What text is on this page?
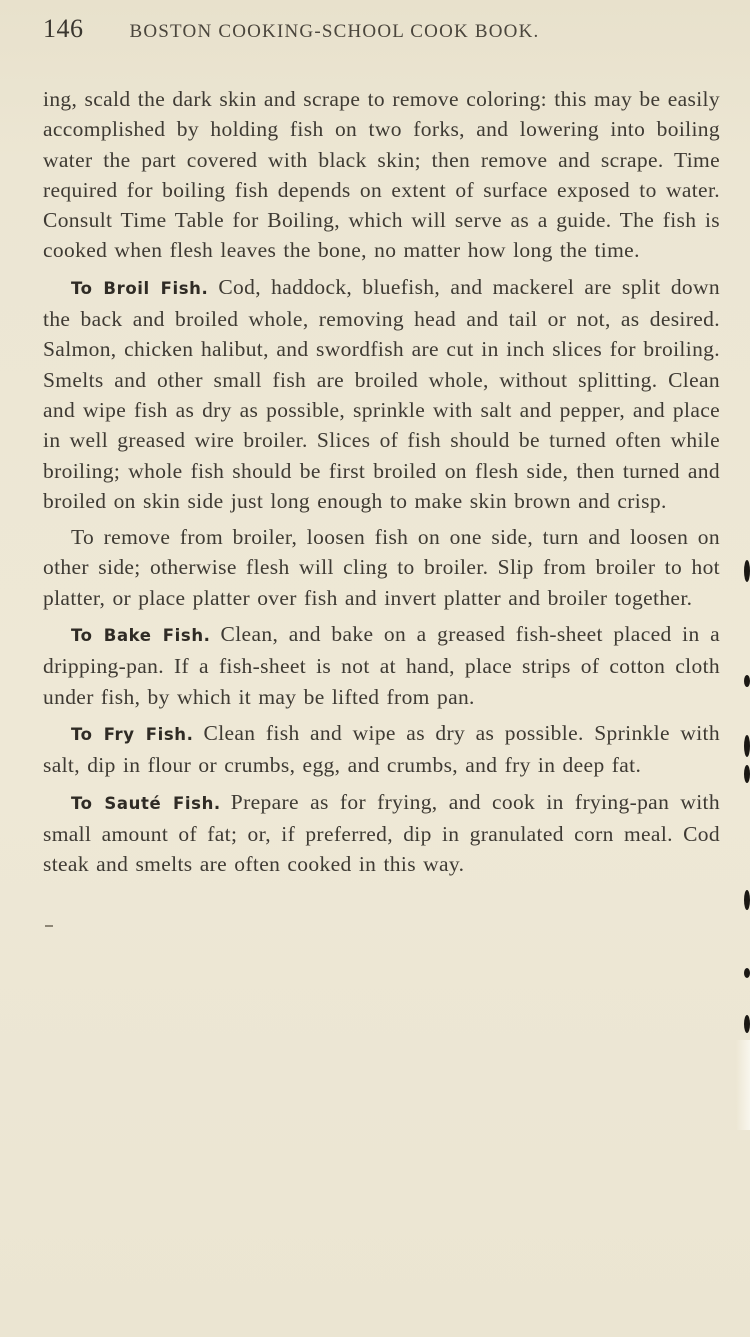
146 BOSTON COOKING-SCHOOL COOK BOOK.

ing, scald the dark skin and scrape to remove coloring: this may be easily accomplished by holding fish on two forks, and lowering into boiling water the part covered with black skin; then remove and scrape. Time required for boiling fish depends on extent of surface exposed to water. Consult Time Table for Boiling, which will serve as a guide. The fish is cooked when flesh leaves the bone, no matter how long the time.

To Broil Fish. Cod, haddock, bluefish, and mackerel are split down the back and broiled whole, removing head and tail or not, as desired. Salmon, chicken halibut, and swordfish are cut in inch slices for broiling. Smelts and other small fish are broiled whole, without splitting. Clean and wipe fish as dry as possible, sprinkle with salt and pepper, and place in well greased wire broiler. Slices of fish should be turned often while broiling; whole fish should be first broiled on flesh side, then turned and broiled on skin side just long enough to make skin brown and crisp.

To remove from broiler, loosen fish on one side, turn and loosen on other side; otherwise flesh will cling to broiler. Slip from broiler to hot platter, or place platter over fish and invert platter and broiler together.

To Bake Fish. Clean, and bake on a greased fish-sheet placed in a dripping-pan. If a fish-sheet is not at hand, place strips of cotton cloth under fish, by which it may be lifted from pan.

To Fry Fish. Clean fish and wipe as dry as possible. Sprinkle with salt, dip in flour or crumbs, egg, and crumbs, and fry in deep fat.

To Sauté Fish. Prepare as for frying, and cook in frying-pan with small amount of fat; or, if preferred, dip in granulated corn meal. Cod steak and smelts are often cooked in this way.
